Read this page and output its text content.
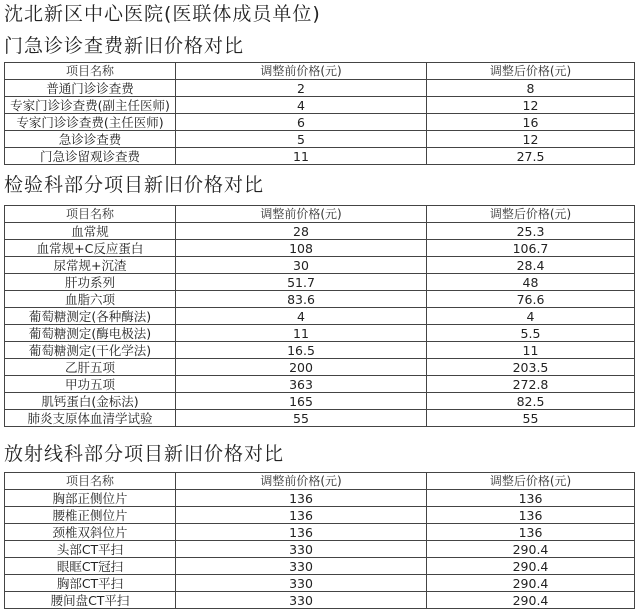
沈北新区中心医院(医联体成员单位)
门急诊诊查费新旧价格对比
项目名称	调整前价格(元)	调整后价格(元)
普通门诊诊查费	2	8
专家门诊诊查费(副主任医师)	4	12
专家门诊诊查费(主任医师)	6	16
急诊诊查费	5	12
门急诊留观诊查费	11	27.5
检验科部分项目新旧价格对比
项目名称	调整前价格(元)	调整后价格(元)
血常规	28	25.3
血常规+C反应蛋白	108	106.7
尿常规+沉渣	30	28.4
肝功系列	51.7	48
血脂六项	83.6	76.6
葡萄糖测定(各种酶法)	4	4
葡萄糖测定(酶电极法)	11	5.5
葡萄糖测定(干化学法)	16.5	11
乙肝五项	200	203.5
甲功五项	363	272.8
肌钙蛋白(金标法)	165	82.5
肺炎支原体血清学试验	55	55
放射线科部分项目新旧价格对比
项目名称	调整前价格(元)	调整后价格(元)
胸部正侧位片	136	136
腰椎正侧位片	136	136
颈椎双斜位片	136	136
头部CT平扫	330	290.4
眼眶CT冠扫	330	290.4
胸部CT平扫	330	290.4
腰间盘CT平扫	330	290.4
